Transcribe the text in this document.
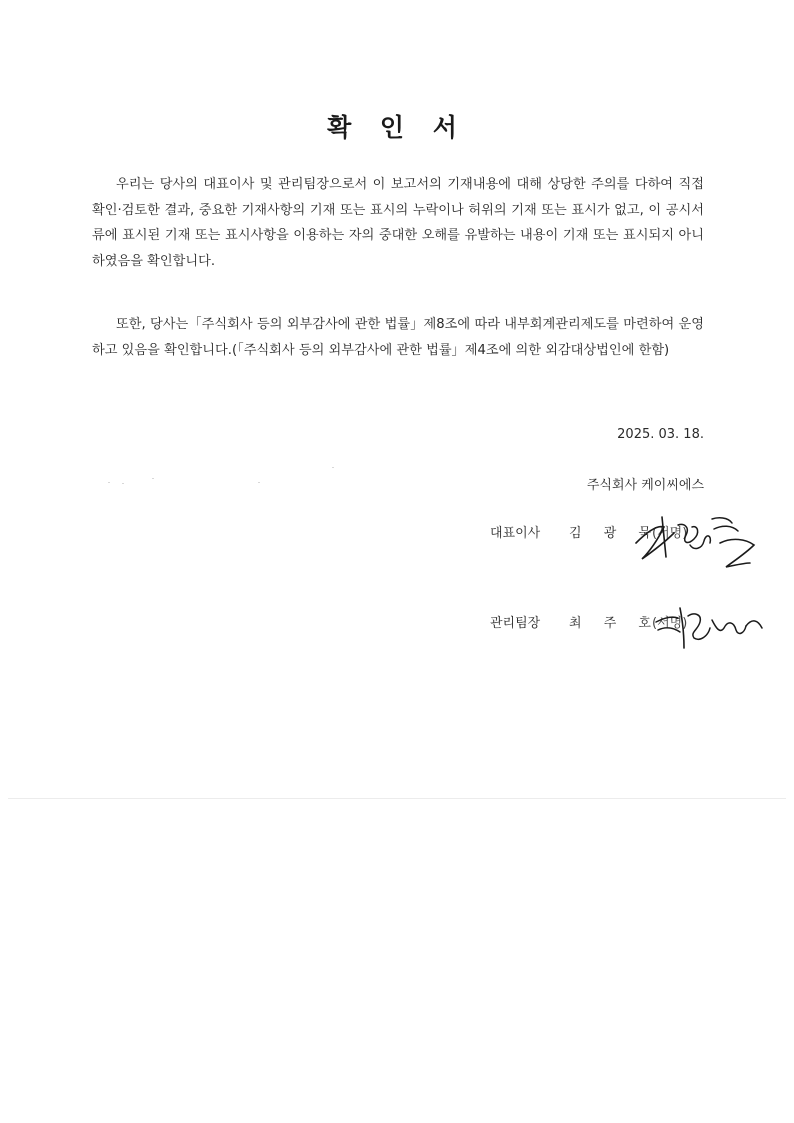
확 인 서
우리는 당사의 대표이사 및 관리팀장으로서 이 보고서의 기재내용에 대해 상당한 주의를 다하여 직접 확인·검토한 결과, 중요한 기재사항의 기재 또는 표시의 누락이나 허위의 기재 또는 표시가 없고, 이 공시서류에 표시된 기재 또는 표시사항을 이용하는 자의 중대한 오해를 유발하는 내용이 기재 또는 표시되지 아니하였음을 확인합니다.
또한, 당사는「주식회사 등의 외부감사에 관한 법률」제8조에 따라 내부회계관리제도를 마련하여 운영하고 있음을 확인합니다.(「주식회사 등의 외부감사에 관한 법률」제4조에 의한 외감대상법인에 한함)
2025. 03. 18.
주식회사 케이씨에스
대표이사 김 광 묵
(서명)
관리팀장 최 주 호
(서명)
